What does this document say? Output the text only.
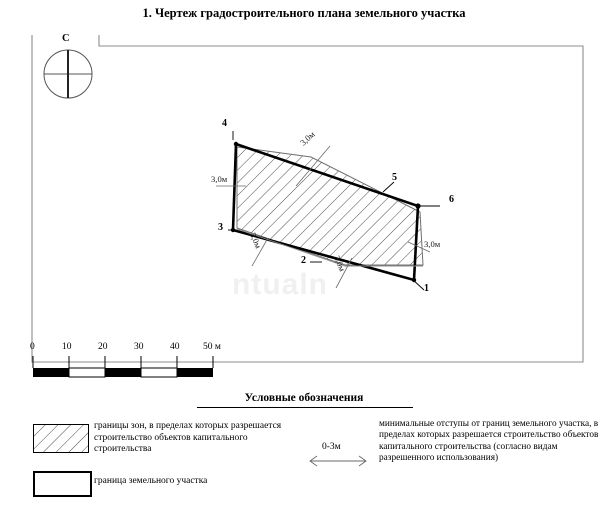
1. Чертеж градостроительного плана земельного участка
С
ntualn
0	10	20	30	40 50 м
1
2
3
4
5
6
3,0м
3,0м
3,0м
3,0м
3,0м
Условные обозначения
границы зон, в пределах которых разрешается строительство объектов капитального строительства
граница земельного участка
0-3м
минимальные отступы от границ земельного участка, в пределах которых разрешается строительство объектов капитального строительства (согласно видам разрешенного использования)
